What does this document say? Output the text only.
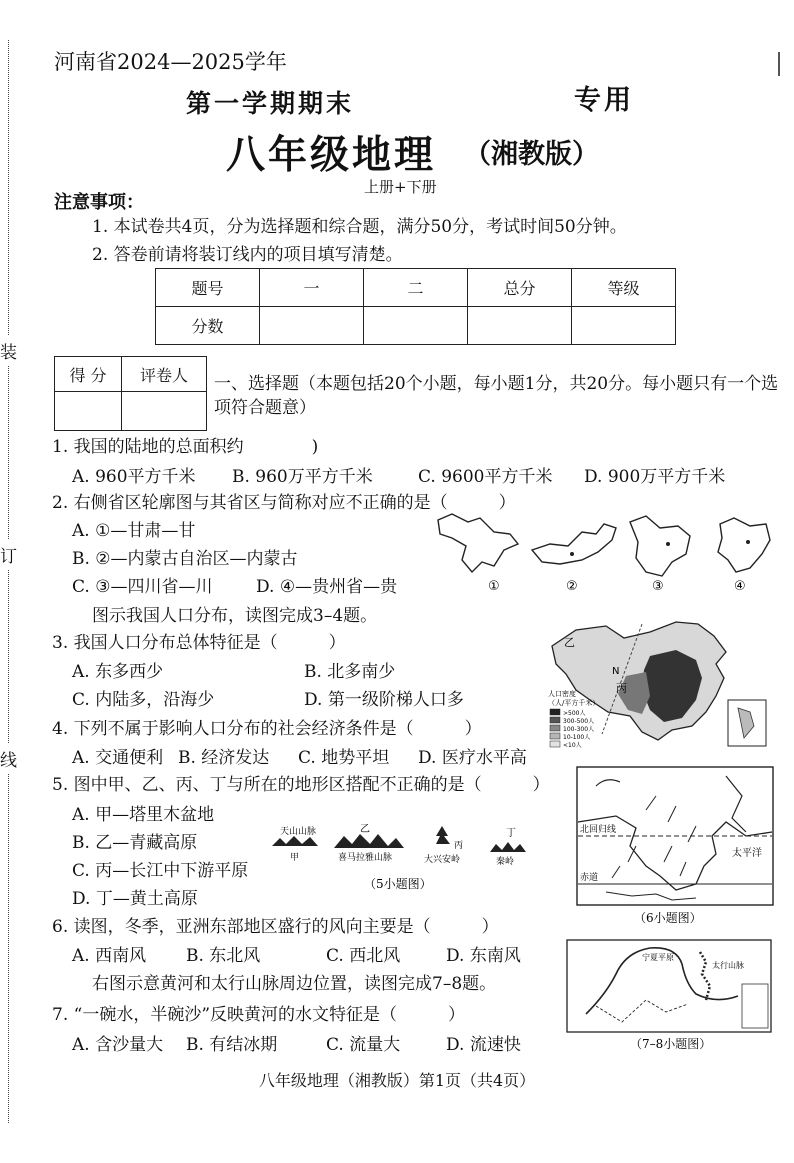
装
订
线
河南省2024—2025学年
第一学期期末	专用
八年级地理 （湘教版）
上册+下册
注意事项：
1. 本试卷共4页，分为选择题和综合题，满分50分，考试时间50分钟。
2. 答卷前请将装订线内的项目填写清楚。
题号	一	二	总分	等级
分数				
得 分	评卷人
	一、选择题（本题包括20个小题，每小题1分，共20分。每小题只有一个选
项符合题意）
1. 我国的陆地的总面积约　　　　)
A. 960平方千米 B. 960万平方千米	C. 9600平方千米 D. 900万平方千米
2. 右侧省区轮廓图与其省区与简称对应不正确的是（　　　）
A. ①—甘肃—甘
B. ②—内蒙古自治区—内蒙古
C. ③—四川省—川	D. ④—贵州省—贵
图示我国人口分布，读图完成3–4题。
①	②	③	④
3. 我国人口分布总体特征是（　　　）
A. 东多西少	B. 北多南少
C. 内陆多，沿海少	D. 第一级阶梯人口多
乙
丙
N
人口密度
（人/平方千米）
>500人
300-500人
100-300人
10-100人
<10人
4. 下列不属于影响人口分布的社会经济条件是（　　　）
A. 交通便利 B. 经济发达 C. 地势平坦 D. 医疗水平高
5. 图中甲、乙、丙、丁与所在的地形区搭配不正确的是（　　　）
A. 甲—塔里木盆地
B. 乙—青藏高原
C. 丙—长江中下游平原
D. 丁—黄土高原
天山山脉
甲
乙
喜马拉雅山脉
丙
大兴安岭
丁
秦岭
（5小题图）
北回归线
太平洋
赤道
（6小题图）
6. 读图，冬季，亚洲东部地区盛行的风向主要是（　　　）
A. 西南风 B. 东北风	C. 西北风	D. 东南风
右图示意黄河和太行山脉周边位置，读图完成7–8题。
宁夏平原
太行山脉
（7–8小题图）
7. “一碗水，半碗沙”反映黄河的水文特征是（　　　）
A. 含沙量大 B. 有结冰期	C. 流量大	D. 流速快
八年级地理（湘教版）第1页（共4页）
